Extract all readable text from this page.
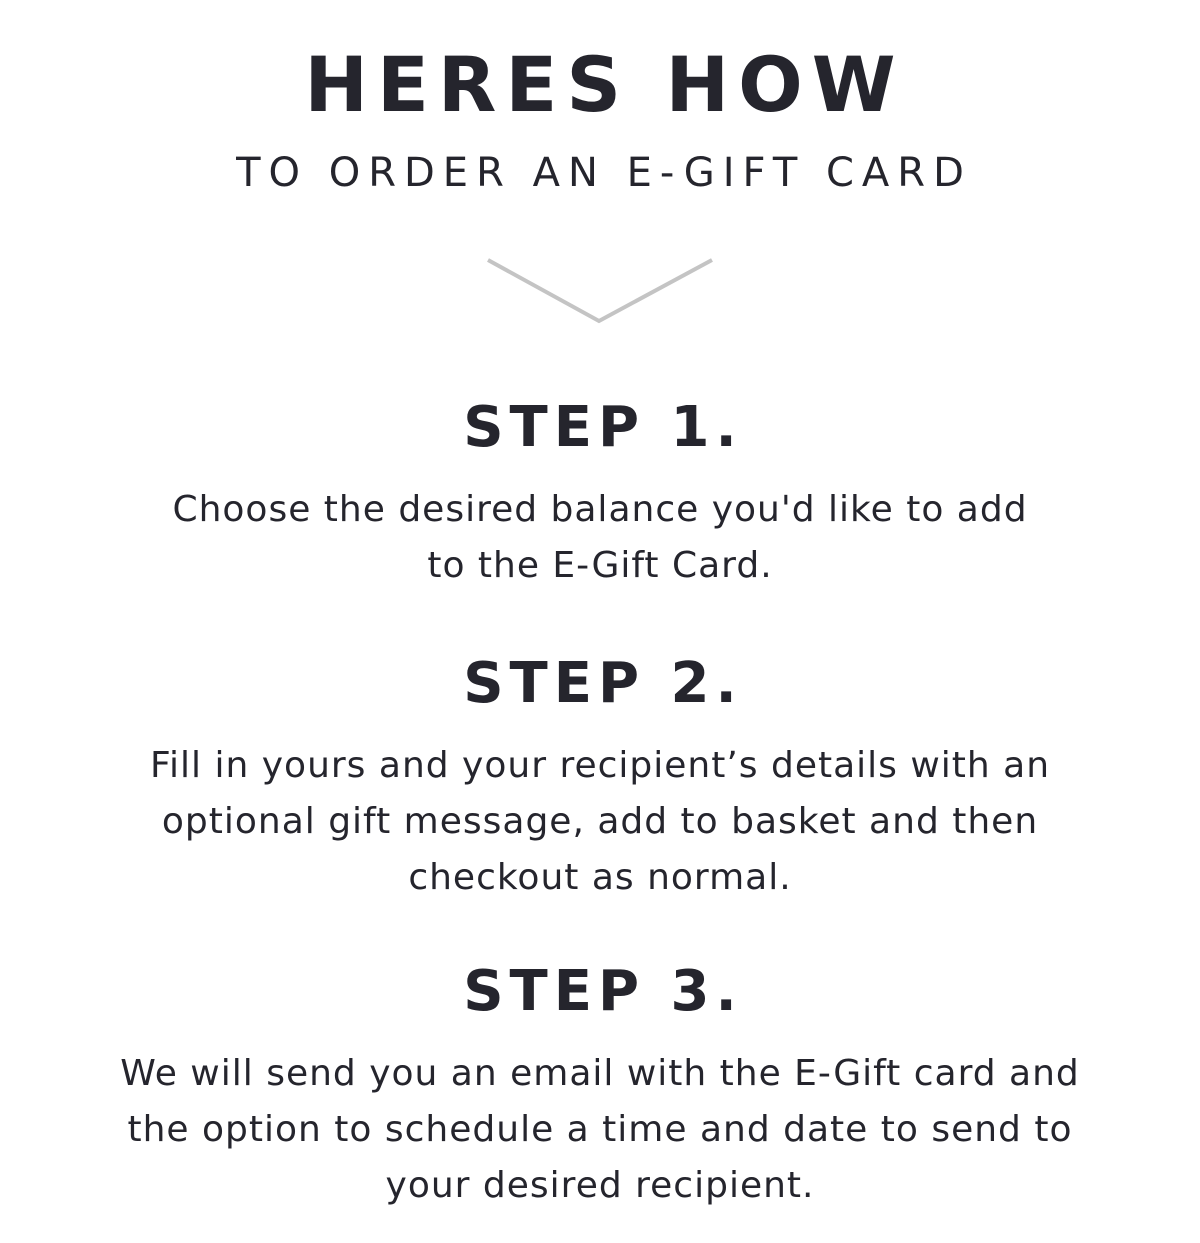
HERES HOW
TO ORDER AN E-GIFT CARD
STEP 1.

Choose the desired balance you'd like to add to the E-Gift Card.

STEP 2.

Fill in yours and your recipient’s details with an optional gift message, add to basket and then checkout as normal.

STEP 3.

We will send you an email with the E-Gift card and the option to schedule a time and date to send to your desired recipient.
